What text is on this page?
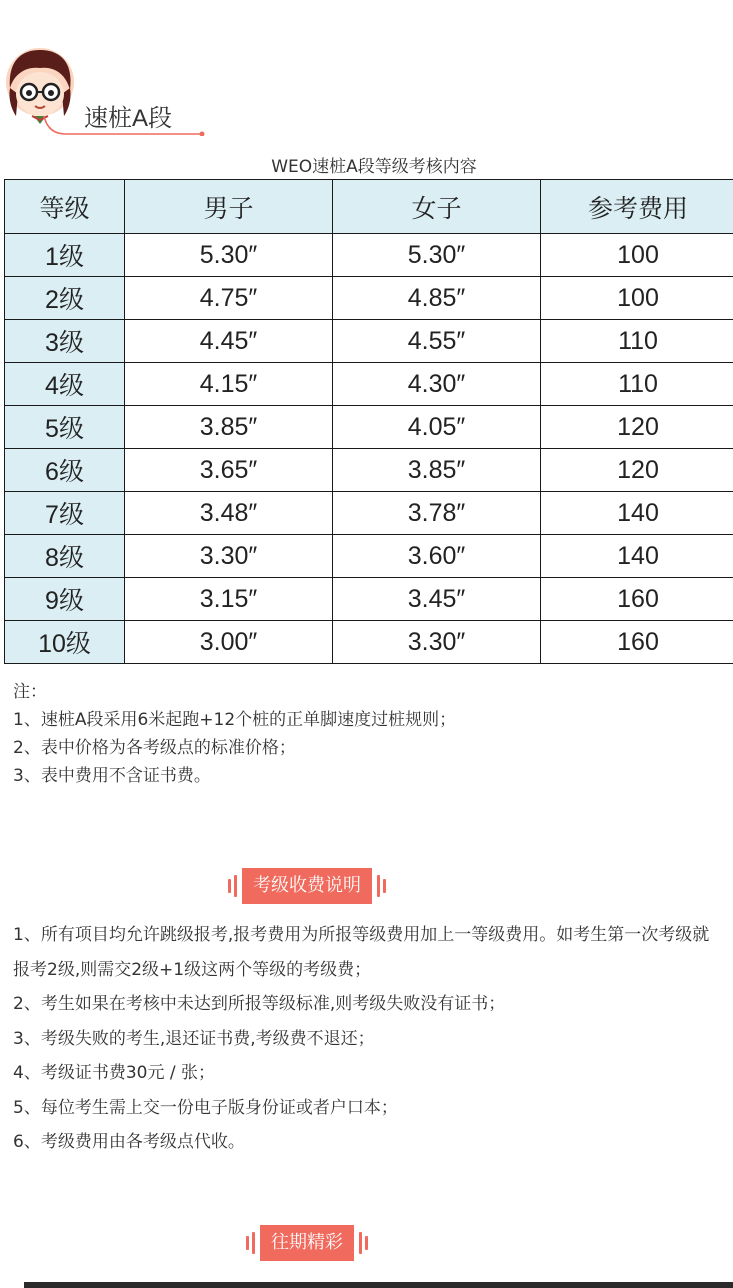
速桩A段
WEO速桩A段等级考核内容
等级	男子	女子	参考费用
1级	5.30″	5.30″	100
2级	4.75″	4.85″	100
3级	4.45″	4.55″	110
4级	4.15″	4.30″	110
5级	3.85″	4.05″	120
6级	3.65″	3.85″	120
7级	3.48″	3.78″	140
8级	3.30″	3.60″	140
9级	3.15″	3.45″	160
10级	3.00″	3.30″	160
注：
1、速桩A段采用6米起跑+12个桩的正单脚速度过桩规则；
2、表中价格为各考级点的标准价格；
3、表中费用不含证书费。
考级收费说明
1、所有项目均允许跳级报考,报考费用为所报等级费用加上一等级费用。如考生第一次考级就报考2级,则需交2级+1级这两个等级的考级费；
2、考生如果在考核中未达到所报等级标准,则考级失败没有证书；
3、考级失败的考生,退还证书费,考级费不退还；
4、考级证书费30元 / 张；
5、每位考生需上交一份电子版身份证或者户口本；
6、考级费用由各考级点代收。
往期精彩
